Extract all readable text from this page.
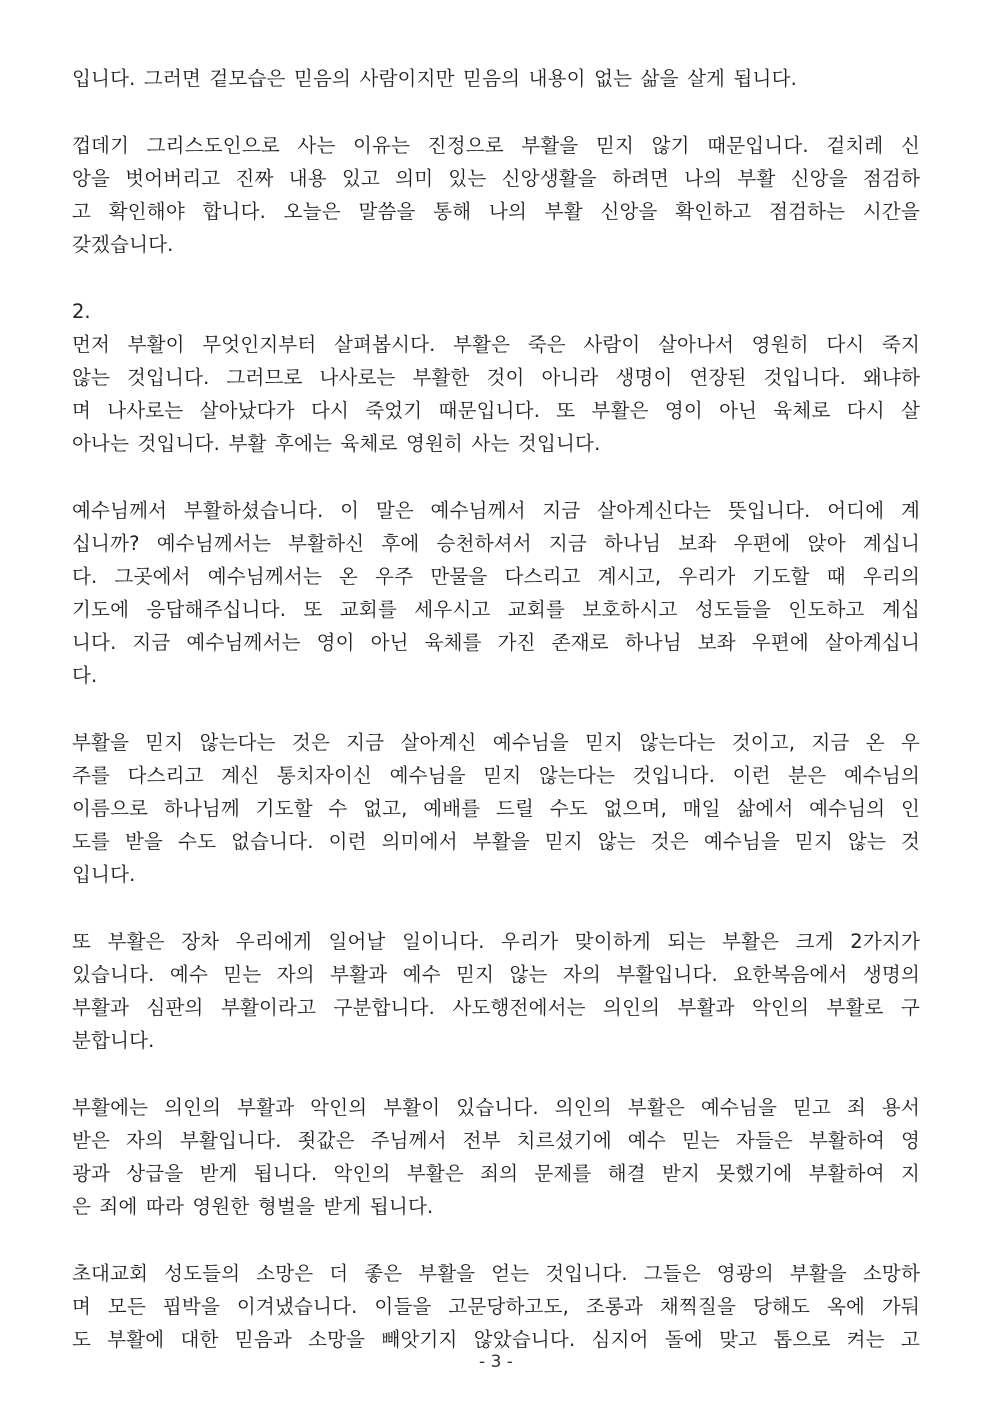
입니다. 그러면 겉모습은 믿음의 사람이지만 믿음의 내용이 없는 삶을 살게 됩니다.
껍데기 그리스도인으로 사는 이유는 진정으로 부활을 믿지 않기 때문입니다. 겉치레 신
앙을 벗어버리고 진짜 내용 있고 의미 있는 신앙생활을 하려면 나의 부활 신앙을 점검하
고 확인해야 합니다. 오늘은 말씀을 통해 나의 부활 신앙을 확인하고 점검하는 시간을
갖겠습니다.
2.
먼저 부활이 무엇인지부터 살펴봅시다. 부활은 죽은 사람이 살아나서 영원히 다시 죽지
않는 것입니다. 그러므로 나사로는 부활한 것이 아니라 생명이 연장된 것입니다. 왜냐하
며 나사로는 살아났다가 다시 죽었기 때문입니다. 또 부활은 영이 아닌 육체로 다시 살
아나는 것입니다. 부활 후에는 육체로 영원히 사는 것입니다.
예수님께서 부활하셨습니다. 이 말은 예수님께서 지금 살아계신다는 뜻입니다. 어디에 계
십니까? 예수님께서는 부활하신 후에 승천하셔서 지금 하나님 보좌 우편에 앉아 계십니
다. 그곳에서 예수님께서는 온 우주 만물을 다스리고 계시고, 우리가 기도할 때 우리의
기도에 응답해주십니다. 또 교회를 세우시고 교회를 보호하시고 성도들을 인도하고 계십
니다. 지금 예수님께서는 영이 아닌 육체를 가진 존재로 하나님 보좌 우편에 살아계십니
다.
부활을 믿지 않는다는 것은 지금 살아계신 예수님을 믿지 않는다는 것이고, 지금 온 우
주를 다스리고 계신 통치자이신 예수님을 믿지 않는다는 것입니다. 이런 분은 예수님의
이름으로 하나님께 기도할 수 없고, 예배를 드릴 수도 없으며, 매일 삶에서 예수님의 인
도를 받을 수도 없습니다. 이런 의미에서 부활을 믿지 않는 것은 예수님을 믿지 않는 것
입니다.
또 부활은 장차 우리에게 일어날 일이니다. 우리가 맞이하게 되는 부활은 크게 2가지가
있습니다. 예수 믿는 자의 부활과 예수 믿지 않는 자의 부활입니다. 요한복음에서 생명의
부활과 심판의 부활이라고 구분합니다. 사도행전에서는 의인의 부활과 악인의 부활로 구
분합니다.
부활에는 의인의 부활과 악인의 부활이 있습니다. 의인의 부활은 예수님을 믿고 죄 용서
받은 자의 부활입니다. 죗값은 주님께서 전부 치르셨기에 예수 믿는 자들은 부활하여 영
광과 상급을 받게 됩니다. 악인의 부활은 죄의 문제를 해결 받지 못했기에 부활하여 지
은 죄에 따라 영원한 형벌을 받게 됩니다.
초대교회 성도들의 소망은 더 좋은 부활을 얻는 것입니다. 그들은 영광의 부활을 소망하
며 모든 핍박을 이겨냈습니다. 이들을 고문당하고도, 조롱과 채찍질을 당해도 옥에 가둬
도 부활에 대한 믿음과 소망을 빼앗기지 않았습니다. 심지어 돌에 맞고 톱으로 켜는 고
- 3 -
